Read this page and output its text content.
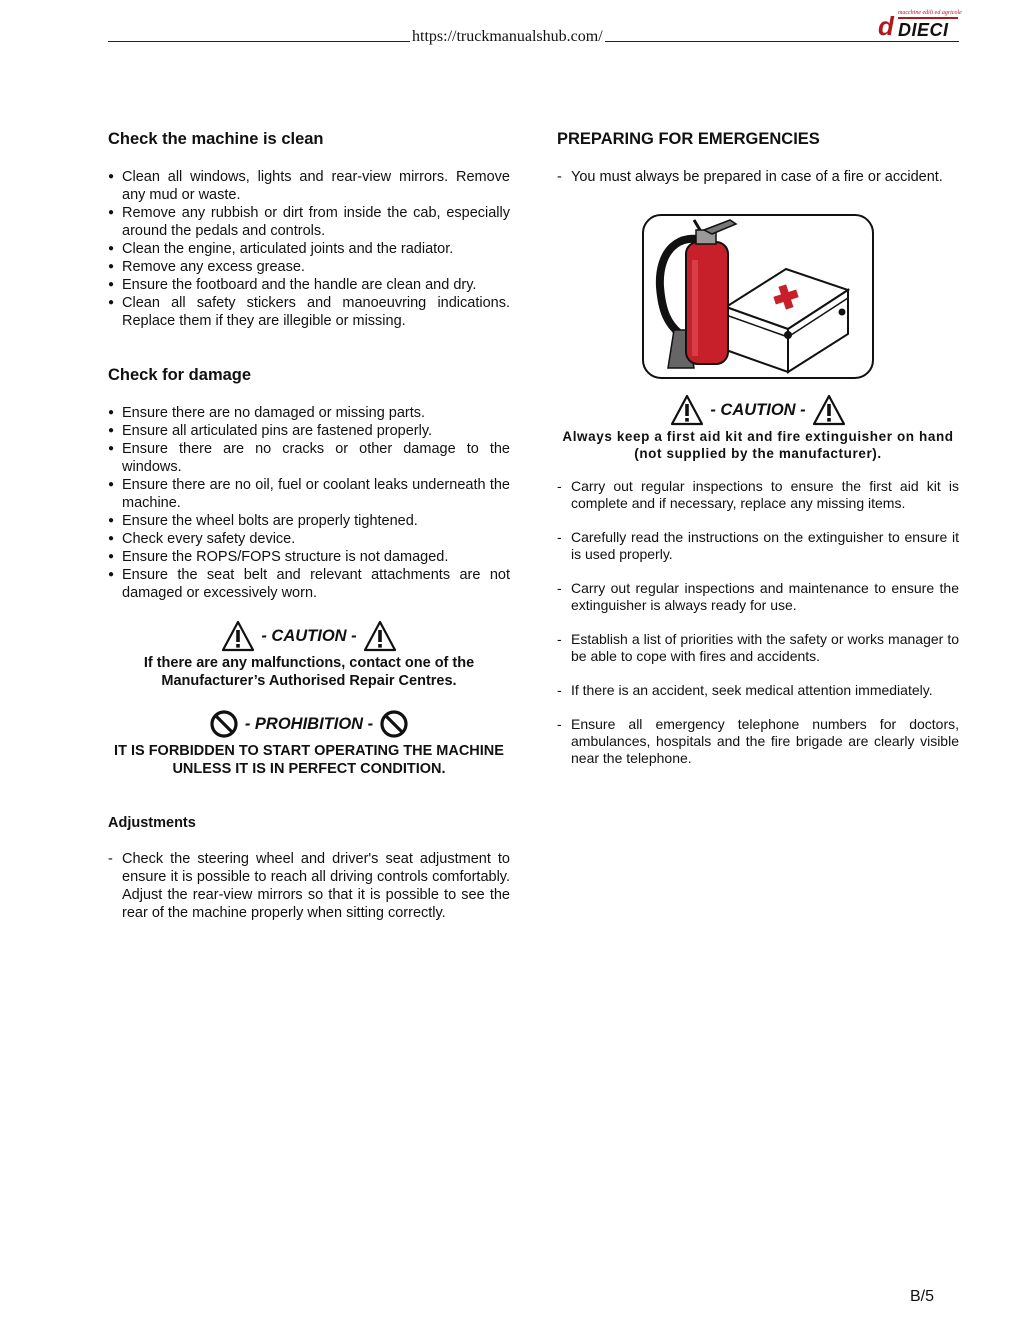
https://truckmanualshub.com/
macchine edili ed agricole
d DIECI
Check the machine is clean
● Clean all windows, lights and rear-view mirrors. Remove any mud or waste.
● Remove any rubbish or dirt from inside the cab, especially around the pedals and controls.
● Clean the engine, articulated joints and the radiator.
● Remove any excess grease.
● Ensure the footboard and the handle are clean and dry.
● Clean all safety stickers and manoeuvring indications. Replace them if they are illegible or missing.
Check for damage
● Ensure there are no damaged or missing parts.
● Ensure all articulated pins are fastened properly.
● Ensure there are no cracks or other damage to the windows.
● Ensure there are no oil, fuel or coolant leaks underneath the machine.
● Ensure the wheel bolts are properly tightened.
● Check every safety device.
● Ensure the ROPS/FOPS structure is not damaged.
● Ensure the seat belt and relevant attachments are not damaged or excessively worn.
- CAUTION -
If there are any malfunctions, contact one of the Manufacturer’s Authorised Repair Centres.
- PROHIBITION -
IT IS FORBIDDEN TO START OPERATING THE MACHINE UNLESS IT IS IN PERFECT CONDITION.
Adjustments
- Check the steering wheel and driver's seat adjustment to ensure it is possible to reach all driving controls comfortably. Adjust the rear-view mirrors so that it is possible to see the rear of the machine properly when sitting correctly.
PREPARING FOR EMERGENCIES
- You must always be prepared in case of a fire or accident.
- CAUTION -
Always keep a first aid kit and fire extinguisher on hand (not supplied by the manufacturer).
- Carry out regular inspections to ensure the first aid kit is complete and if necessary, replace any missing items.
- Carefully read the instructions on the extinguisher to ensure it is used properly.
- Carry out regular inspections and maintenance to ensure the extinguisher is always ready for use.
- Establish a list of priorities with the safety or works manager to be able to cope with fires and accidents.
- If there is an accident, seek medical attention immediately.
- Ensure all emergency telephone numbers for doctors, ambulances, hospitals and the fire brigade are clearly visible near the telephone.
B/5
